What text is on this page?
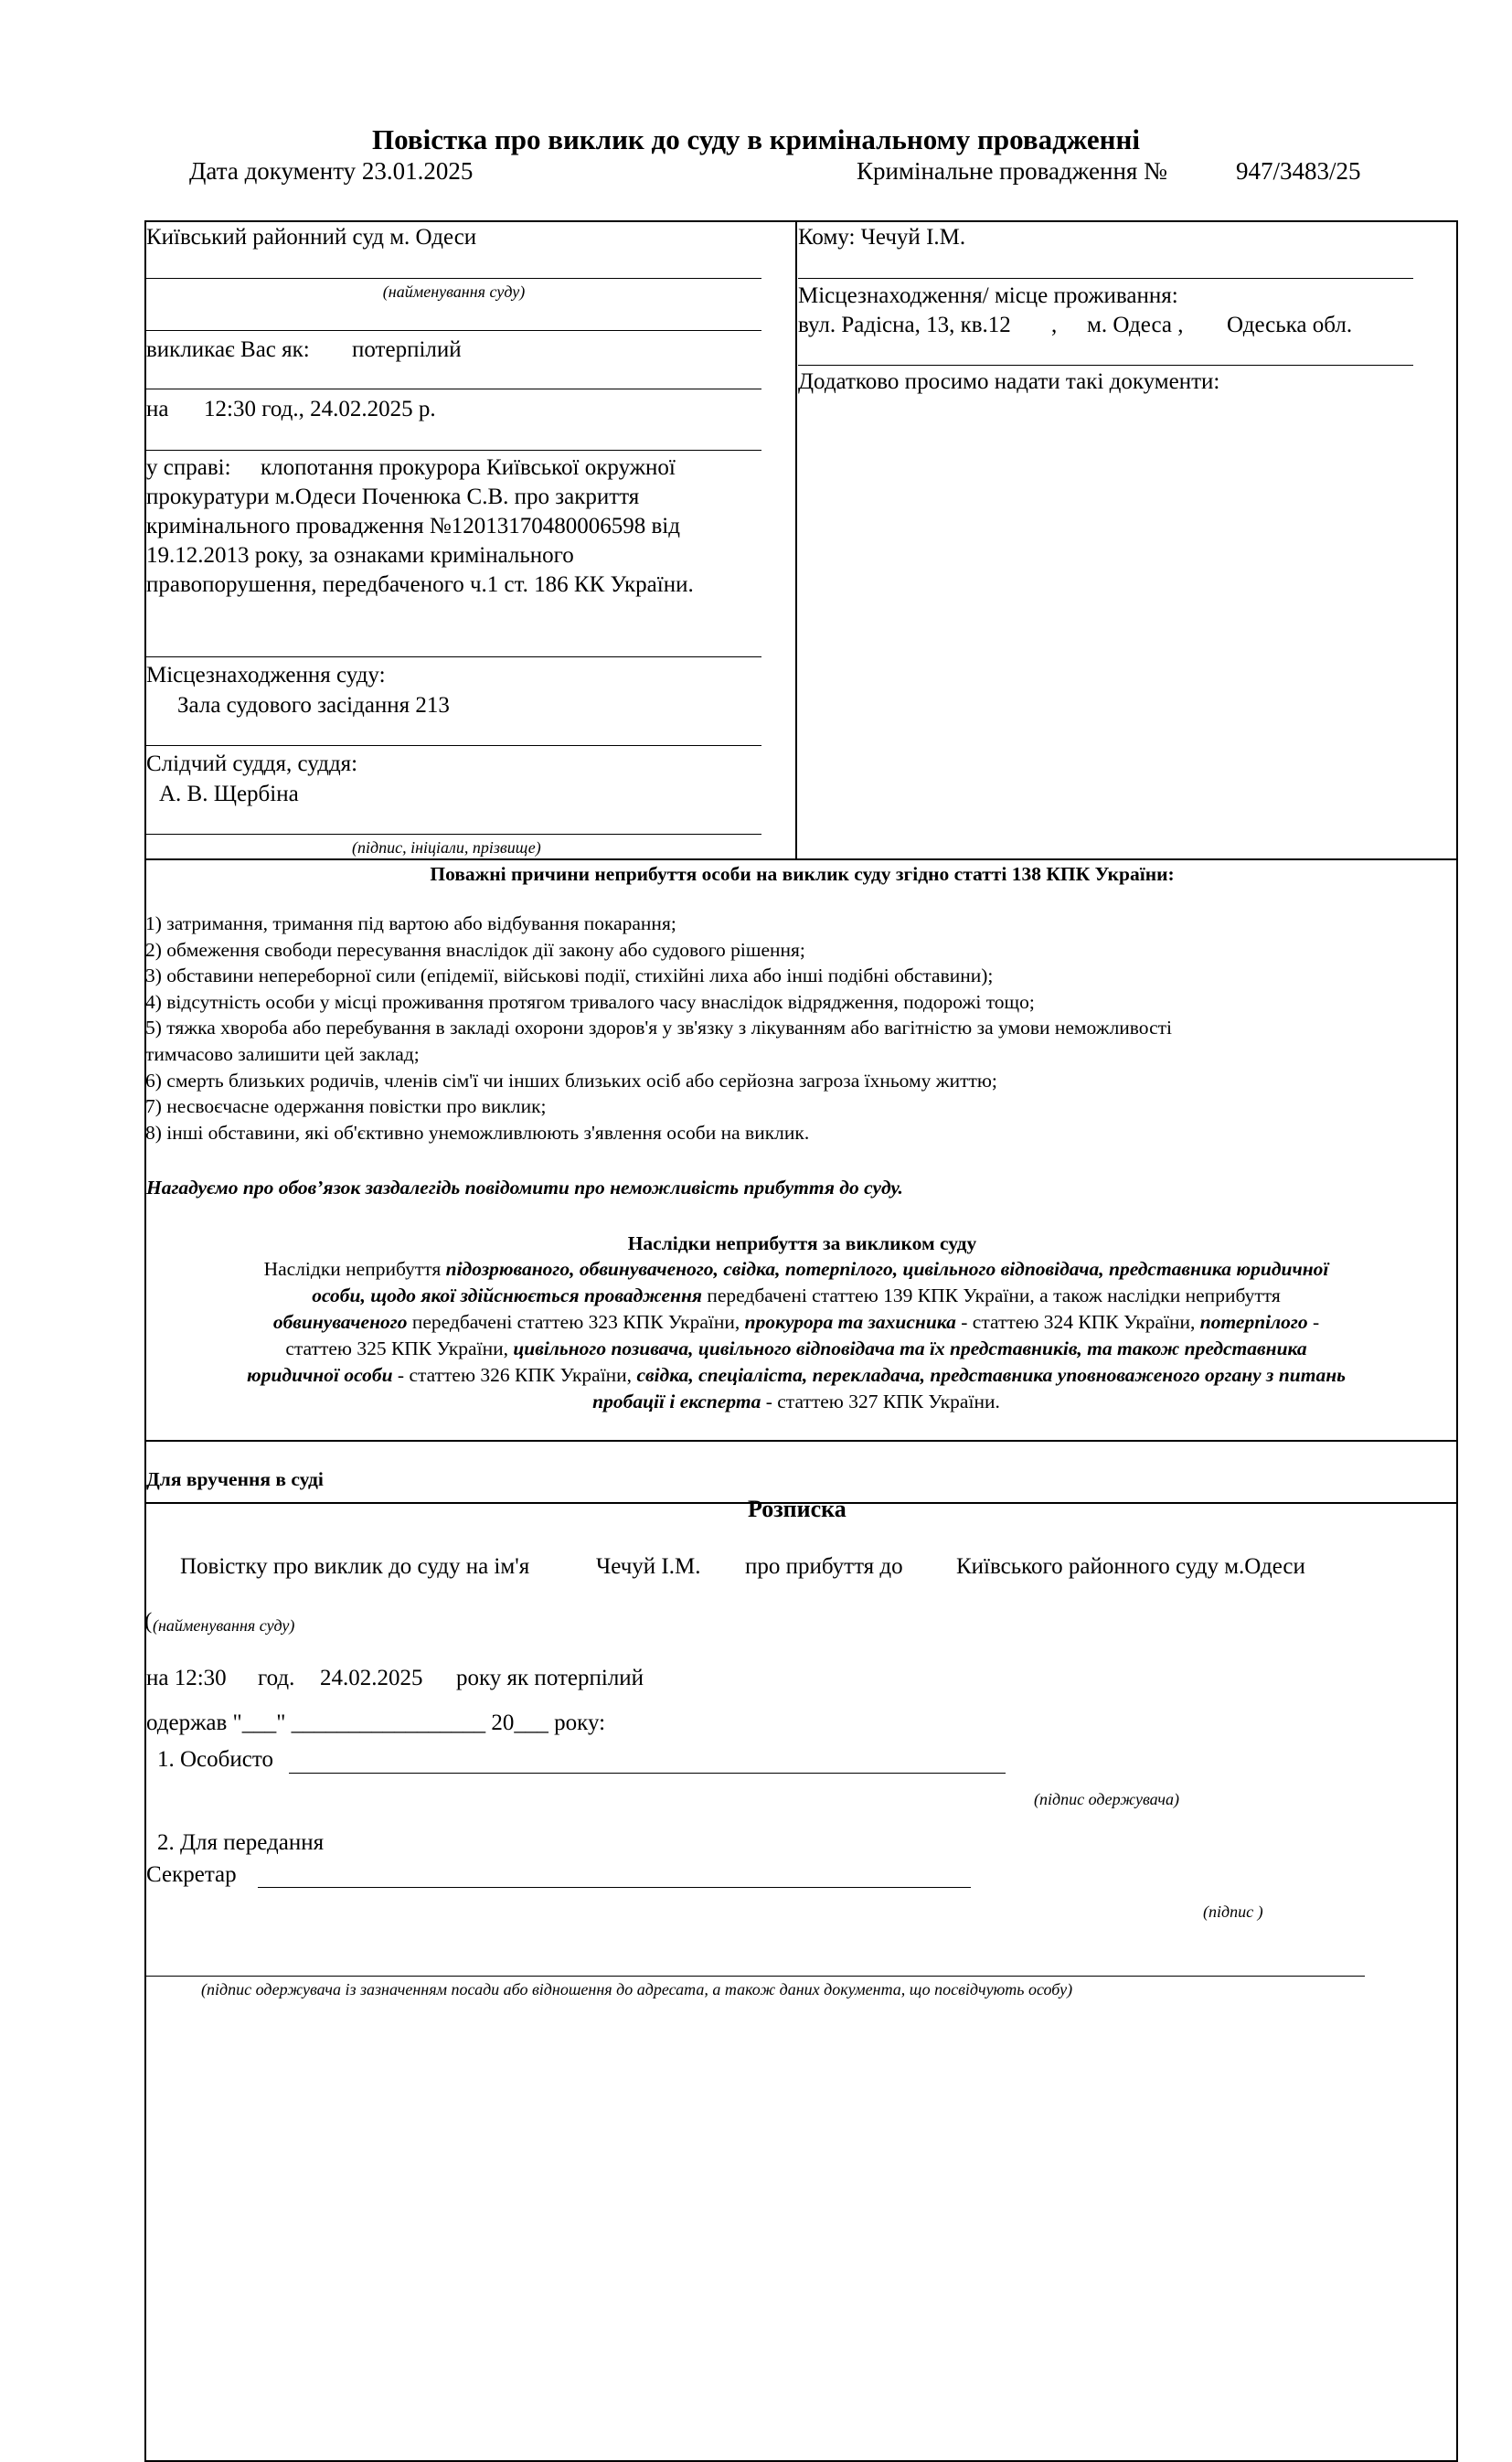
Повістка про виклик до суду в кримінальному провадженні
Дата документу 23.01.2025	Кримінальне провадження №	947/3483/25
Київський районний суд м. Одеси
(найменування суду)
викликає Вас як: потерпілий
на 12:30 год., 24.02.2025 р.
у справі: клопотання прокурора Київської окружної
прокуратури м.Одеси Поченюка С.В. про закриття
кримінального провадження №12013170480006598 від
19.12.2013 року, за ознаками кримінального
правопорушення, передбаченого ч.1 ст. 186 КК України.
Місцезнаходження суду:
Зала судового засідання 213
Слідчий суддя, суддя:
А. В. Щербіна
(підпис, ініціали, прізвище)
Кому: Чечуй І.М.
Місцезнаходження/ місце проживання:
вул. Радісна, 13, кв.12 , м. Одеса , Одеська обл.
Додатково просимо надати такі документи:
Поважні причини неприбуття особи на виклик суду згідно статті 138 КПК України:
1) затримання, тримання під вартою або відбування покарання;
2) обмеження свободи пересування внаслідок дії закону або судового рішення;
3) обставини непереборної сили (епідемії, військові події, стихійні лиха або інші подібні обставини);
4) відсутність особи у місці проживання протягом тривалого часу внаслідок відрядження, подорожі тощо;
5) тяжка хвороба або перебування в закладі охорони здоров'я у зв'язку з лікуванням або вагітністю за умови неможливості
тимчасово залишити цей заклад;
6) смерть близьких родичів, членів сім'ї чи інших близьких осіб або серйозна загроза їхньому життю;
7) несвоєчасне одержання повістки про виклик;
8) інші обставини, які об'єктивно унеможливлюють з'явлення особи на виклик.
Нагадуємо про обов’язок заздалегідь повідомити про неможливість прибуття до суду.
Наслідки неприбуття за викликом суду
Наслідки неприбуття підозрюваного, обвинуваченого, свідка, потерпілого, цивільного відповідача, представника юридичної
особи, щодо якої здійснюється провадження передбачені статтею 139 КПК України, а також наслідки неприбуття
обвинуваченого передбачені статтею 323 КПК України, прокурора та захисника - статтею 324 КПК України, потерпілого -
статтею 325 КПК України, цивільного позивача, цивільного відповідача та їх представників, та також представника
юридичної особи - статтею 326 КПК України, свідка, спеціаліста, перекладача, представника уповноваженого органу з питань
пробації і експерта - статтею 327 КПК України.
Для вручення в суді
Розписка
Повістку про виклик до суду на ім'я	Чечуй І.М. про прибуття до Київського районного суду м.Одеси
( (найменування суду)
на 12:30 год. 24.02.2025 року як потерпілий
одержав "___" _________________ 20___ року:
1. Особисто
(підпис одержувача)
2. Для передання
Секретар
(підпис )
(підпис одержувача із зазначенням посади або відношення до адресата, а також даних документа, що посвідчують особу)
